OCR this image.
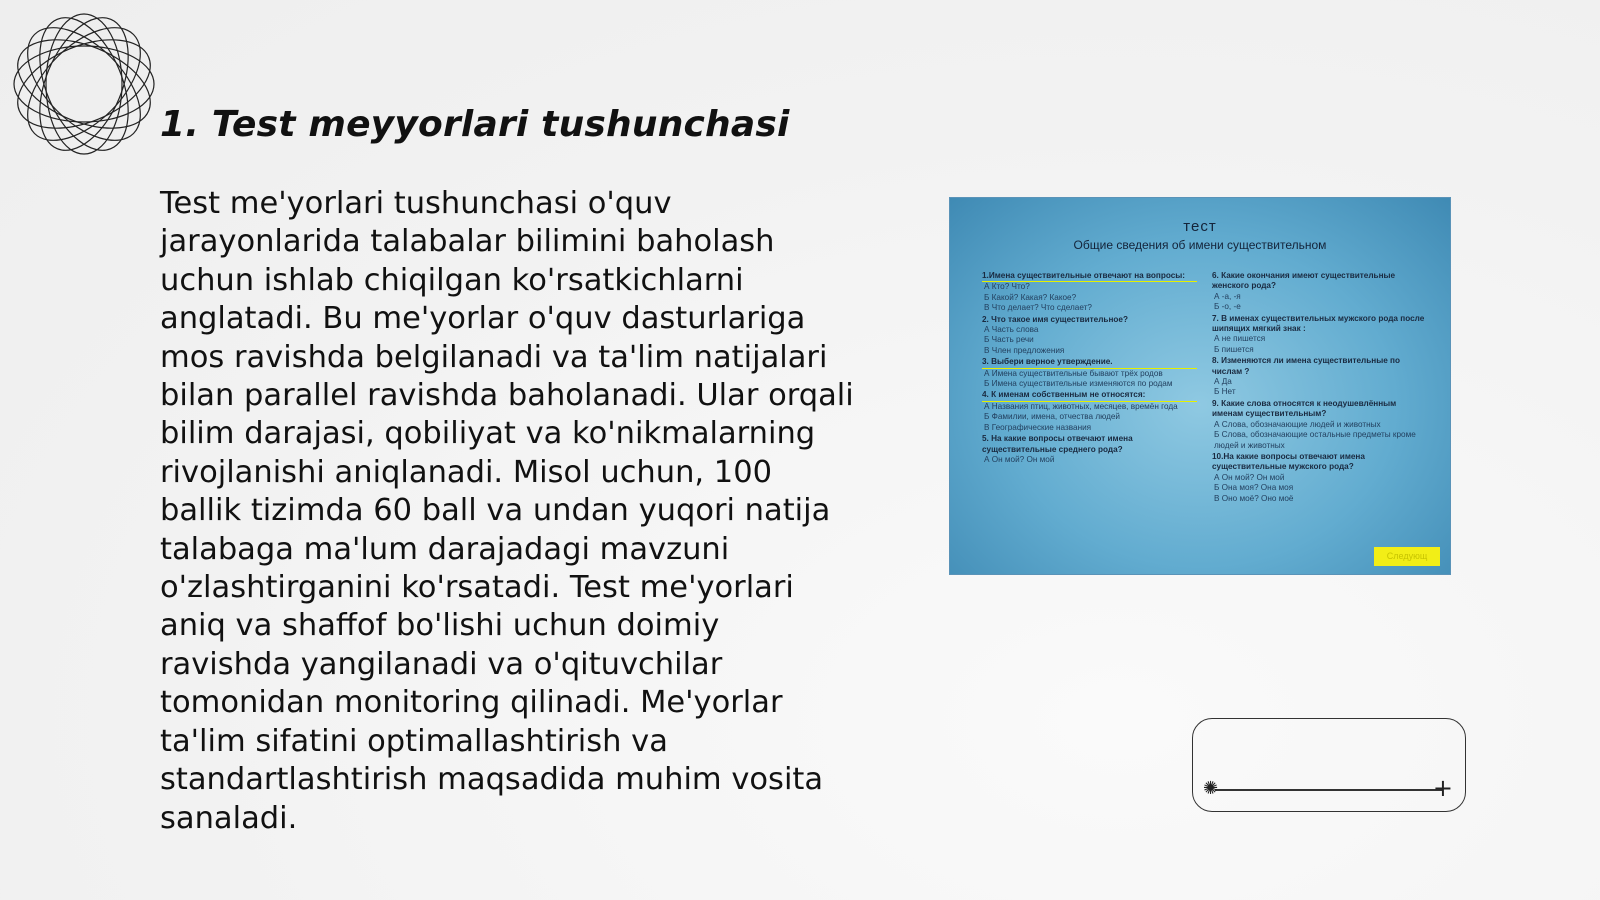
1. Test meyyorlari tushunchasi

Test me'yorlari tushunchasi o'quv
jarayonlarida talabalar bilimini baholash
uchun ishlab chiqilgan ko'rsatkichlarni
anglatadi. Bu me'yorlar o'quv dasturlariga
mos ravishda belgilanadi va ta'lim natijalari
bilan parallel ravishda baholanadi. Ular orqali
bilim darajasi, qobiliyat va ko'nikmalarning
rivojlanishi aniqlanadi. Misol uchun, 100
ballik tizimda 60 ball va undan yuqori natija
talabaga ma'lum darajadagi mavzuni
o'zlashtirganini ko'rsatadi. Test me'yorlari
aniq va shaffof bo'lishi uchun doimiy
ravishda yangilanadi va o'qituvchilar
tomonidan monitoring qilinadi. Me'yorlar
ta'lim sifatini optimallashtirish va
standartlashtirish maqsadida muhim vosita
sanaladi.

тест
Общие сведения об имени существительном
1.Имена существительные отвечают на вопросы:
А Кто? Что?
Б Какой? Какая? Какое?
В Что делает? Что сделает?
2. Что такое имя существительное?
А Часть слова
Б Часть речи
В Член предложения
3. Выбери верное утверждение.
А Имена существительные бывают трёх родов
Б Имена существительные изменяются по родам
4. К именам собственным не относятся:
А Названия птиц, животных, месяцев, времён года
Б Фамилии, имена, отчества людей
В Географические названия
5. На какие вопросы отвечают имена существительные среднего рода?
А Он мой? Он мой
6. Какие окончания имеют существительные женского рода?
А -а, -я
Б -о, -е
7. В именах существительных мужского рода после шипящих мягкий знак :
А не пишется
Б пишется
8. Изменяются ли имена существительные по числам ?
А Да
Б Нет
9. Какие слова относятся к неодушевлённым именам существительным?
А Слова, обозначающие людей и животных
Б Слова, обозначающие остальные предметы кроме людей и животных
10.На какие вопросы отвечают имена существительные мужского рода?
А Он мой? Он мой
Б Она моя? Она моя
В Оно моё? Оно моё
Следующ
✺	+
